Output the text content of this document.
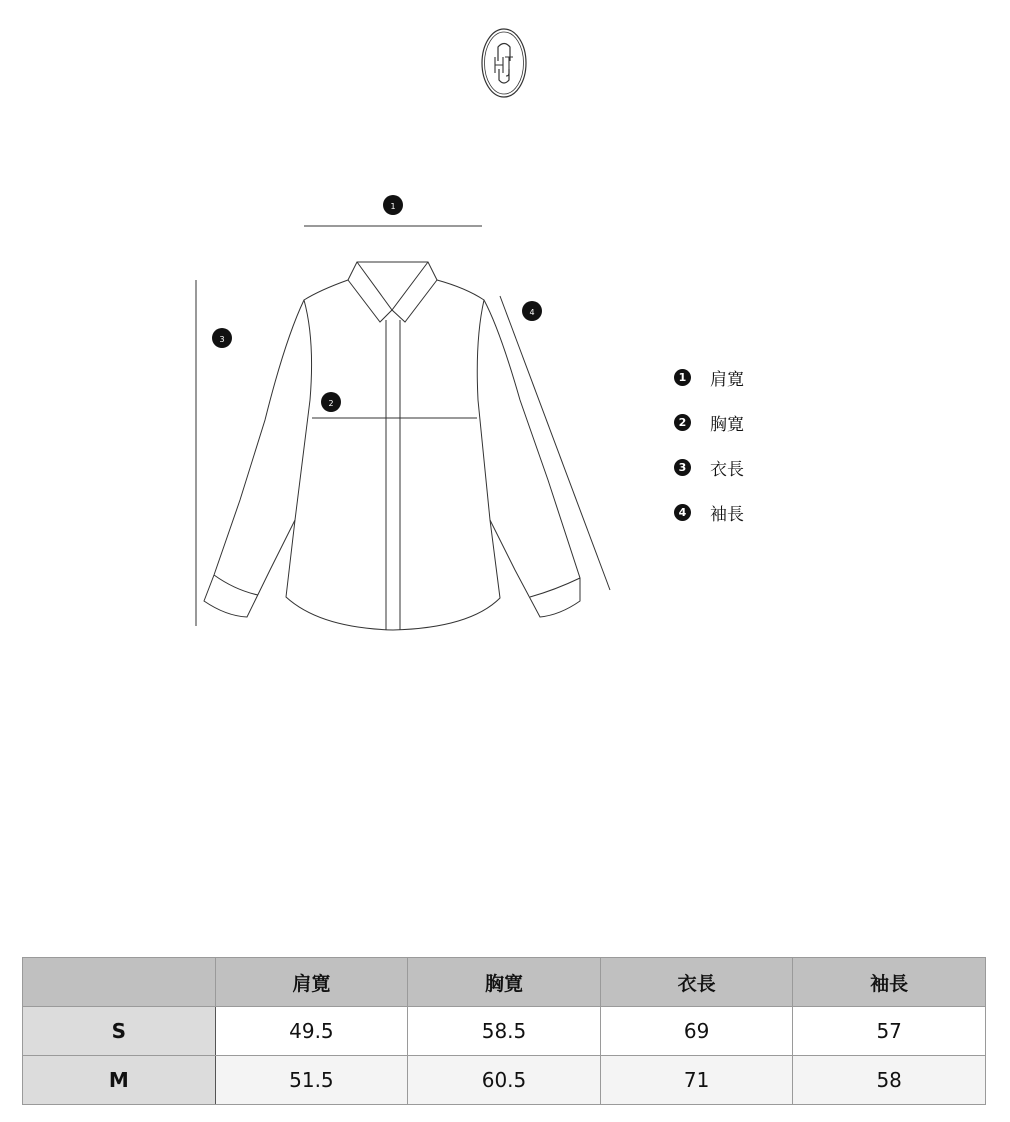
1
2
3
4
1 肩寛
2 胸寛
3 衣長
4 袖長
	肩寛	胸寛	衣長	袖長
S	49.5	58.5	69	57
M	51.5	60.5	71	58
